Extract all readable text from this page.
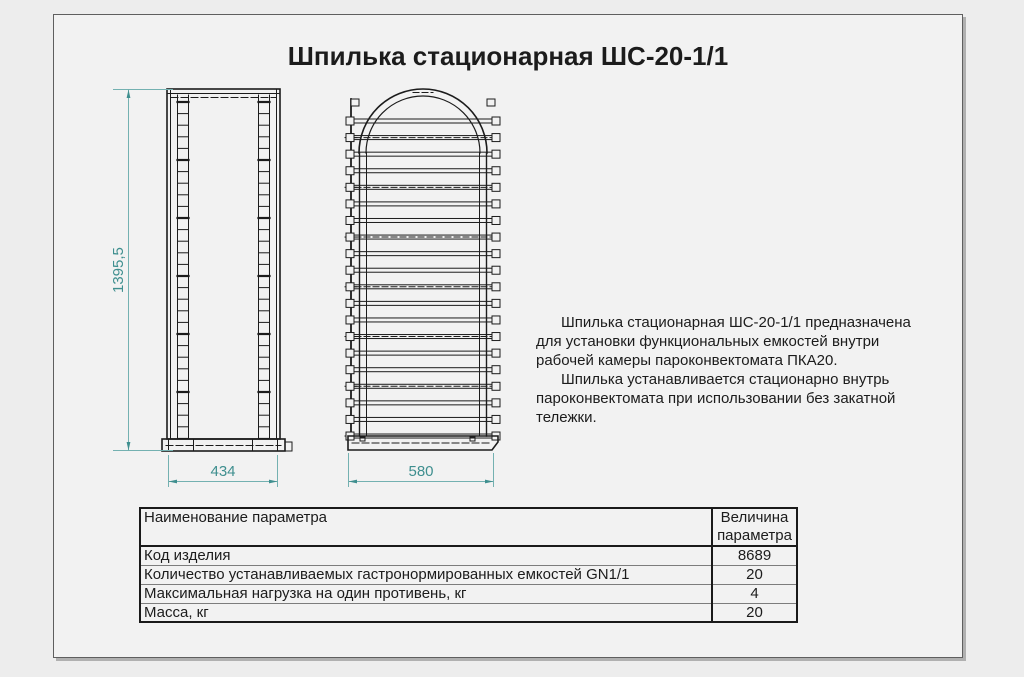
Шпилька стационарная ШС-20-1/1
1395,5
434	580

Шпилька стационарная ШС-20-1/1 предназначена для установки функциональных емкостей внутри рабочей камеры пароконвектомата ПКА20.

Шпилька устанавливается стационарно внутрь пароконвектомата при использовании без закатной тележки.

Наименование параметра	Величина параметра
Код изделия	8689
Количество устанавливаемых гастронормированных емкостей GN1/1	20
Максимальная нагрузка на один противень, кг	4
Масса, кг	20
